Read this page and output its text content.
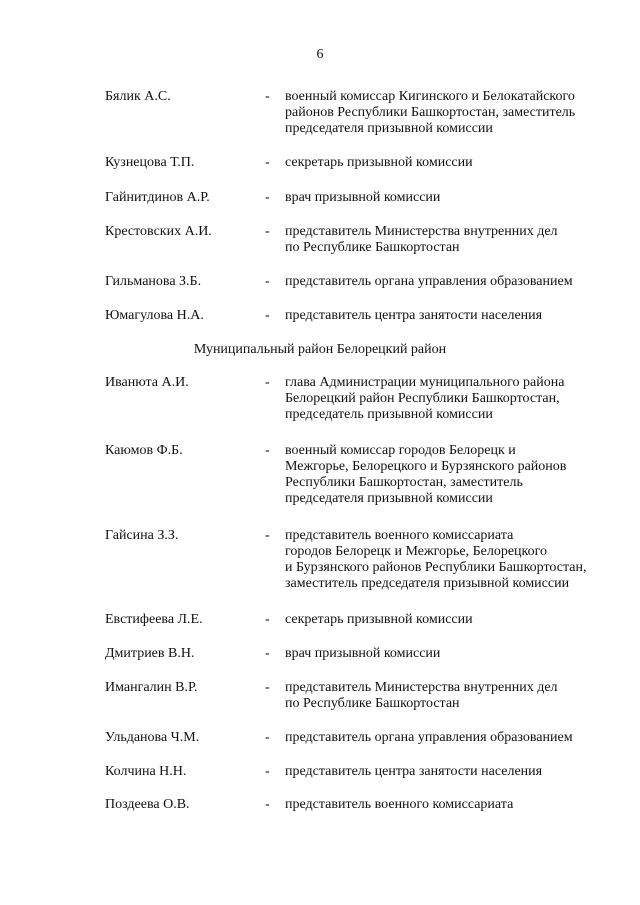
6
Бялик А.С.	- военный комиссар Кигинского и Белокатайского
районов Республики Башкортостан, заместитель
председателя призывной комиссии
Кузнецова Т.П.	- секретарь призывной комиссии
Гайнитдинов А.Р.	- врач призывной комиссии
Крестовских А.И.	- представитель Министерства внутренних дел
по Республике Башкортостан
Гильманова З.Б.	- представитель органа управления образованием
Юмагулова Н.А.	- представитель центра занятости населения
Муниципальный район Белорецкий район
Иванюта А.И.	- глава Администрации муниципального района
Белорецкий район Республики Башкортостан,
председатель призывной комиссии
Каюмов Ф.Б.	- военный комиссар городов Белорецк и
Межгорье, Белорецкого и Бурзянского районов
Республики Башкортостан, заместитель
председателя призывной комиссии
Гайсина З.З.	- представитель военного комиссариата
городов Белорецк и Межгорье, Белорецкого
и Бурзянского районов Республики Башкортостан,
заместитель председателя призывной комиссии
Евстифеева Л.Е.	- секретарь призывной комиссии
Дмитриев В.Н.	- врач призывной комиссии
Имангалин В.Р.	- представитель Министерства внутренних дел
по Республике Башкортостан
Ульданова Ч.М.	- представитель органа управления образованием
Колчина Н.Н.	- представитель центра занятости населения
Поздеева О.В.	- представитель военного комиссариата
